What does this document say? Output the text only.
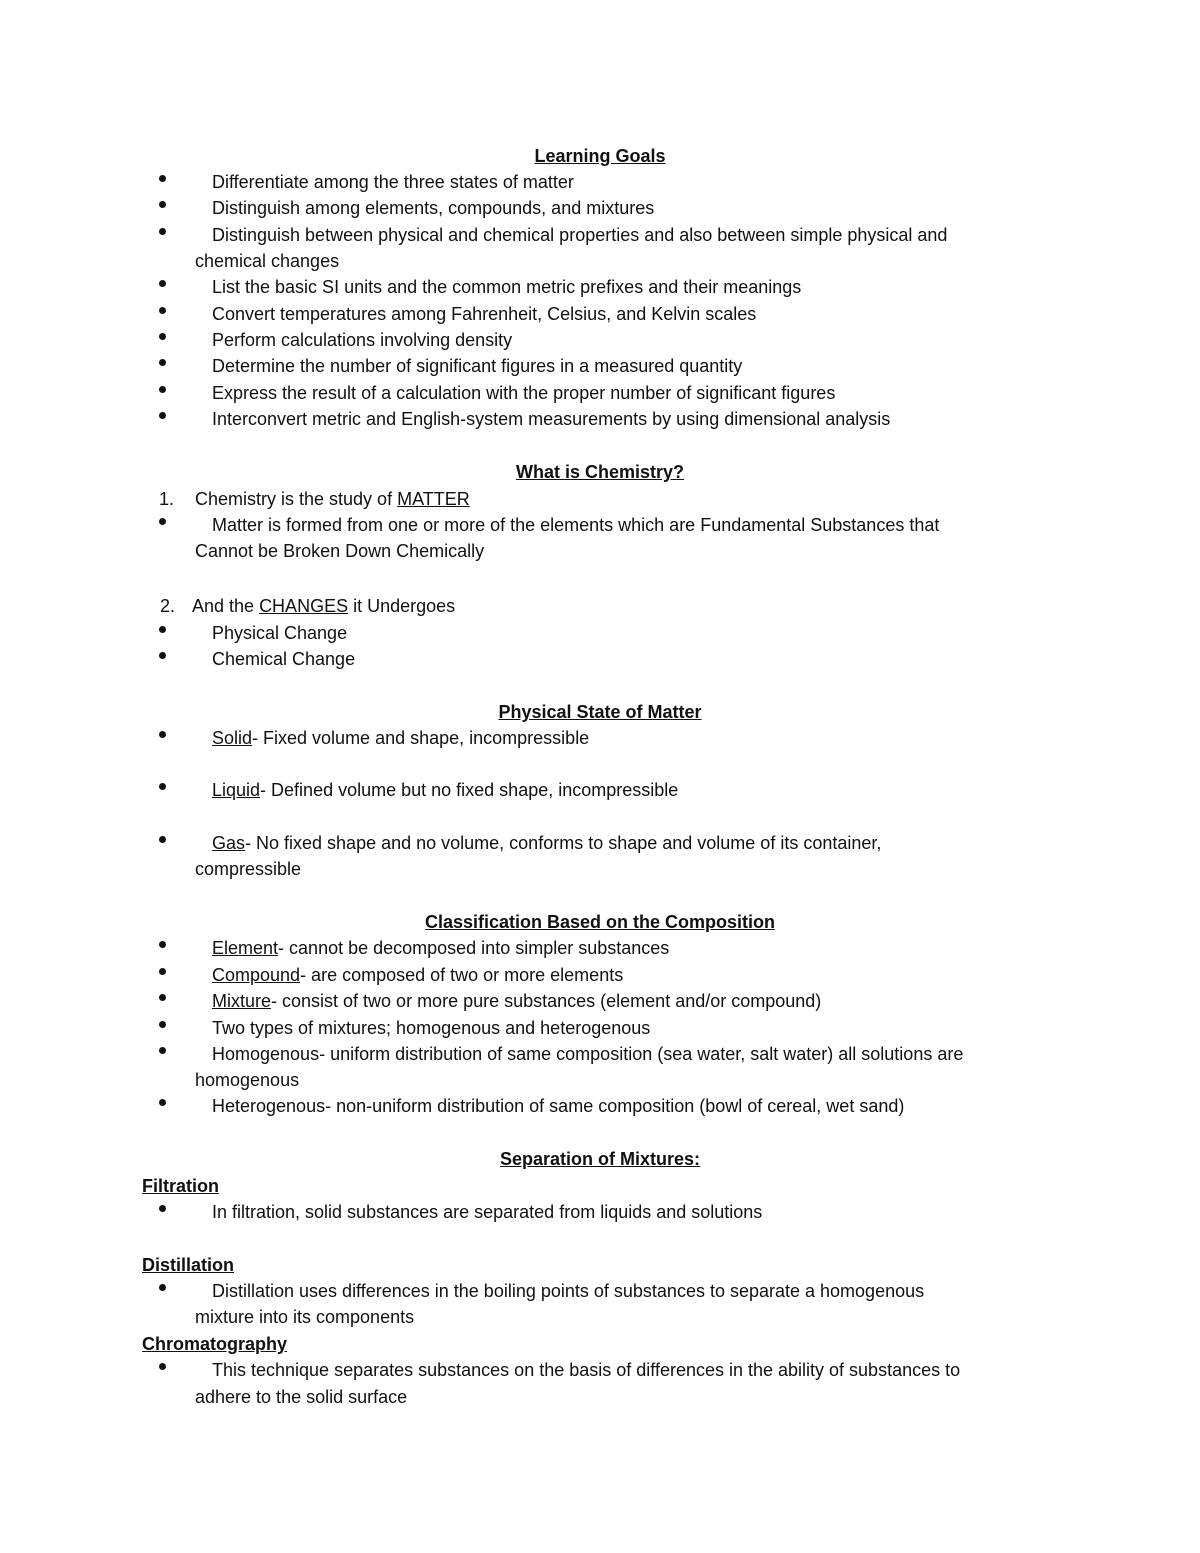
Learning Goals

Differentiate among the three states of matter

Distinguish among elements, compounds, and mixtures

Distinguish between physical and chemical properties and also between simple physical and

chemical changes

List the basic SI units and the common metric prefixes and their meanings

Convert temperatures among Fahrenheit, Celsius, and Kelvin scales

Perform calculations involving density

Determine the number of significant figures in a measured quantity

Express the result of a calculation with the proper number of significant figures

Interconvert metric and English-system measurements by using dimensional analysis

What is Chemistry?

1. Chemistry is the study of MATTER

Matter is formed from one or more of the elements which are Fundamental Substances that

Cannot be Broken Down Chemically

2. And the CHANGES it Undergoes

Physical Change

Chemical Change

Physical State of Matter

Solid- Fixed volume and shape, incompressible

Liquid- Defined volume but no fixed shape, incompressible

Gas- No fixed shape and no volume, conforms to shape and volume of its container,

compressible

Classification Based on the Composition

Element- cannot be decomposed into simpler substances

Compound- are composed of two or more elements

Mixture- consist of two or more pure substances (element and/or compound)

Two types of mixtures; homogenous and heterogenous

Homogenous- uniform distribution of same composition (sea water, salt water) all solutions are

homogenous

Heterogenous- non-uniform distribution of same composition (bowl of cereal, wet sand)

Separation of Mixtures:

Filtration

In filtration, solid substances are separated from liquids and solutions

Distillation

Distillation uses differences in the boiling points of substances to separate a homogenous

mixture into its components

Chromatography

This technique separates substances on the basis of differences in the ability of substances to

adhere to the solid surface
